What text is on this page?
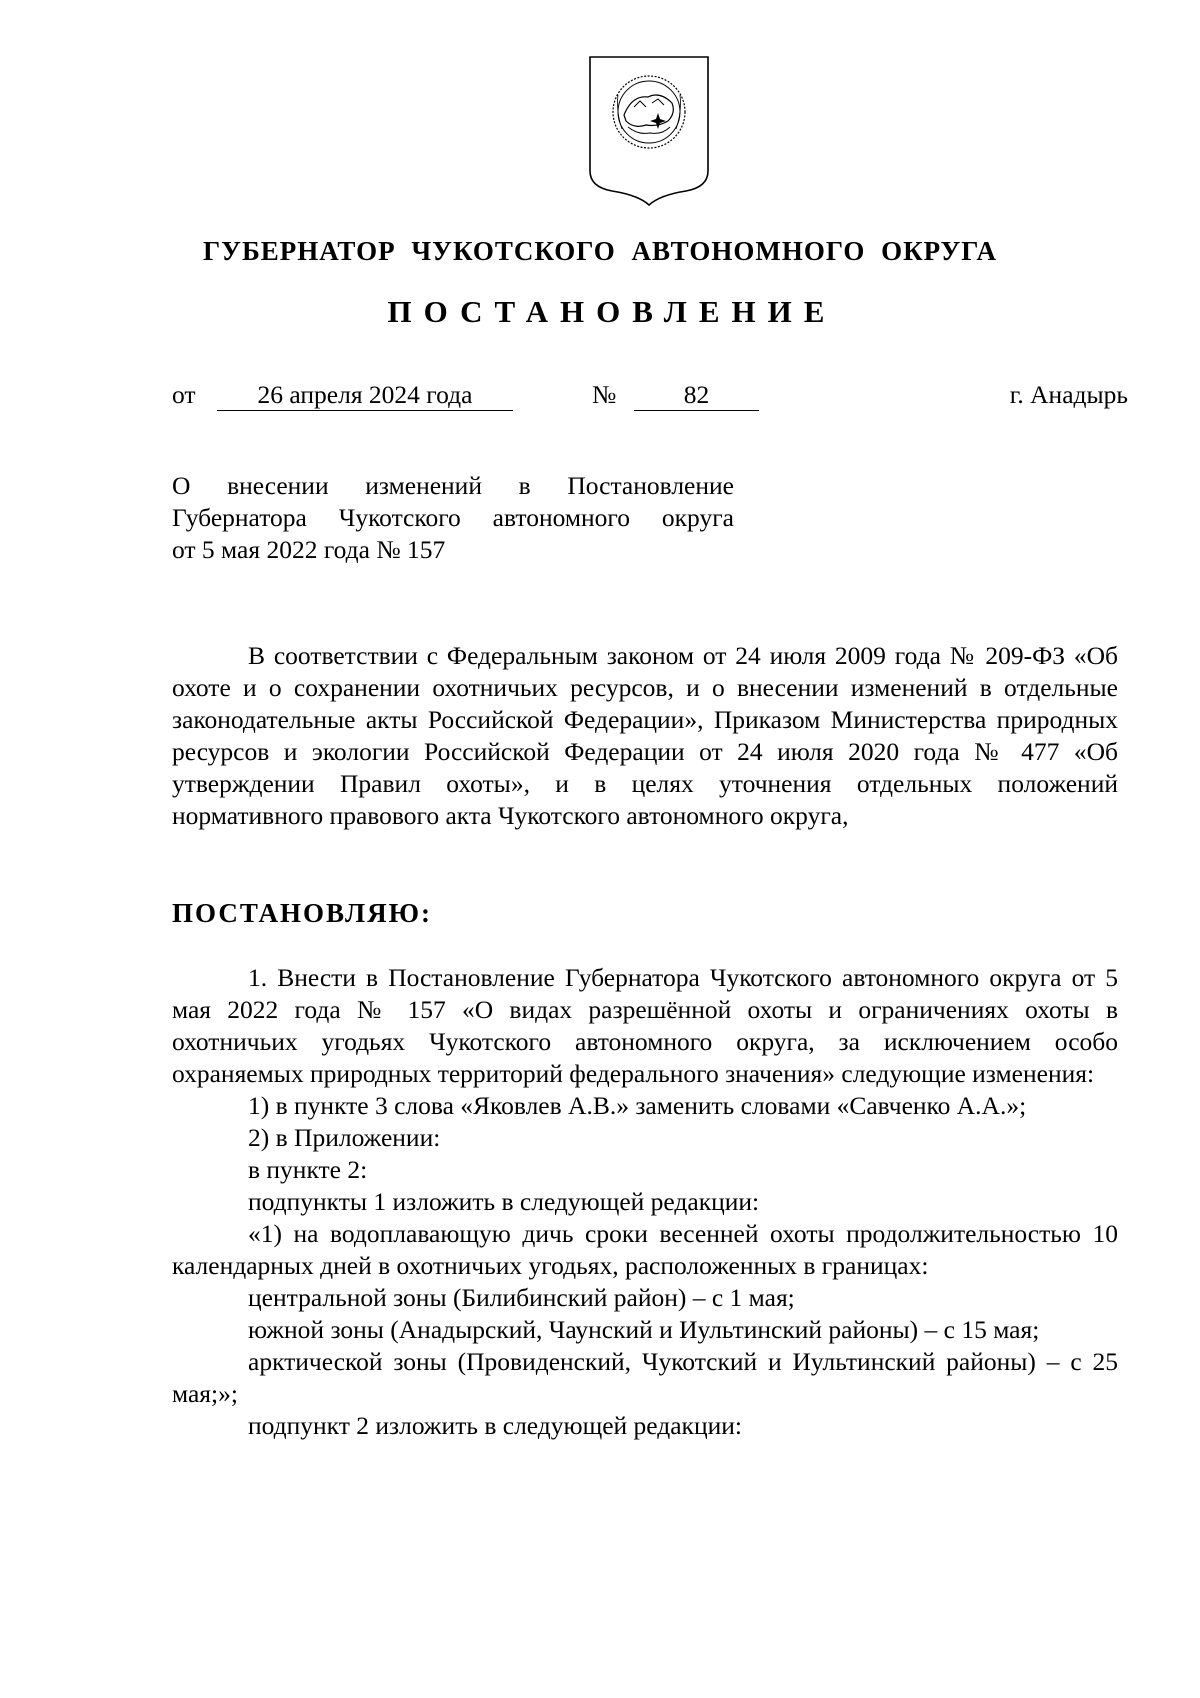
ГУБЕРНАТОР ЧУКОТСКОГО АВТОНОМНОГО ОКРУГА
ПОСТАНОВЛЕНИЕ
от	26 апреля 2024 года	№	82	г. Анадырь
О внесении изменений в Постановление
Губернатора Чукотского автономного округа
от 5 мая 2022 года № 157

В соответствии с Федеральным законом от 24 июля 2009 года № 209-ФЗ «Об охоте и о сохранении охотничьих ресурсов, и о внесении изменений в отдельные законодательные акты Российской Федерации», Приказом Министерства природных ресурсов и экологии Российской Федерации от 24 июля 2020 года № 477 «Об утверждении Правил охоты», и в целях уточнения отдельных положений нормативного правового акта Чукотского автономного округа,

ПОСТАНОВЛЯЮ:

1. Внести в Постановление Губернатора Чукотского автономного округа от 5 мая 2022 года № 157 «О видах разрешённой охоты и ограничениях охоты в охотничьих угодьях Чукотского автономного округа, за исключением особо охраняемых природных территорий федерального значения» следующие изменения:

1) в пункте 3 слова «Яковлев А.В.» заменить словами «Савченко А.А.»;

2) в Приложении:

в пункте 2:

подпункты 1 изложить в следующей редакции:

«1) на водоплавающую дичь сроки весенней охоты продолжительностью 10 календарных дней в охотничьих угодьях, расположенных в границах:

центральной зоны (Билибинский район) – с 1 мая;

южной зоны (Анадырский, Чаунский и Иультинский районы) – с 15 мая;

арктической зоны (Провиденский, Чукотский и Иультинский районы) – с 25 мая;»;

подпункт 2 изложить в следующей редакции:
